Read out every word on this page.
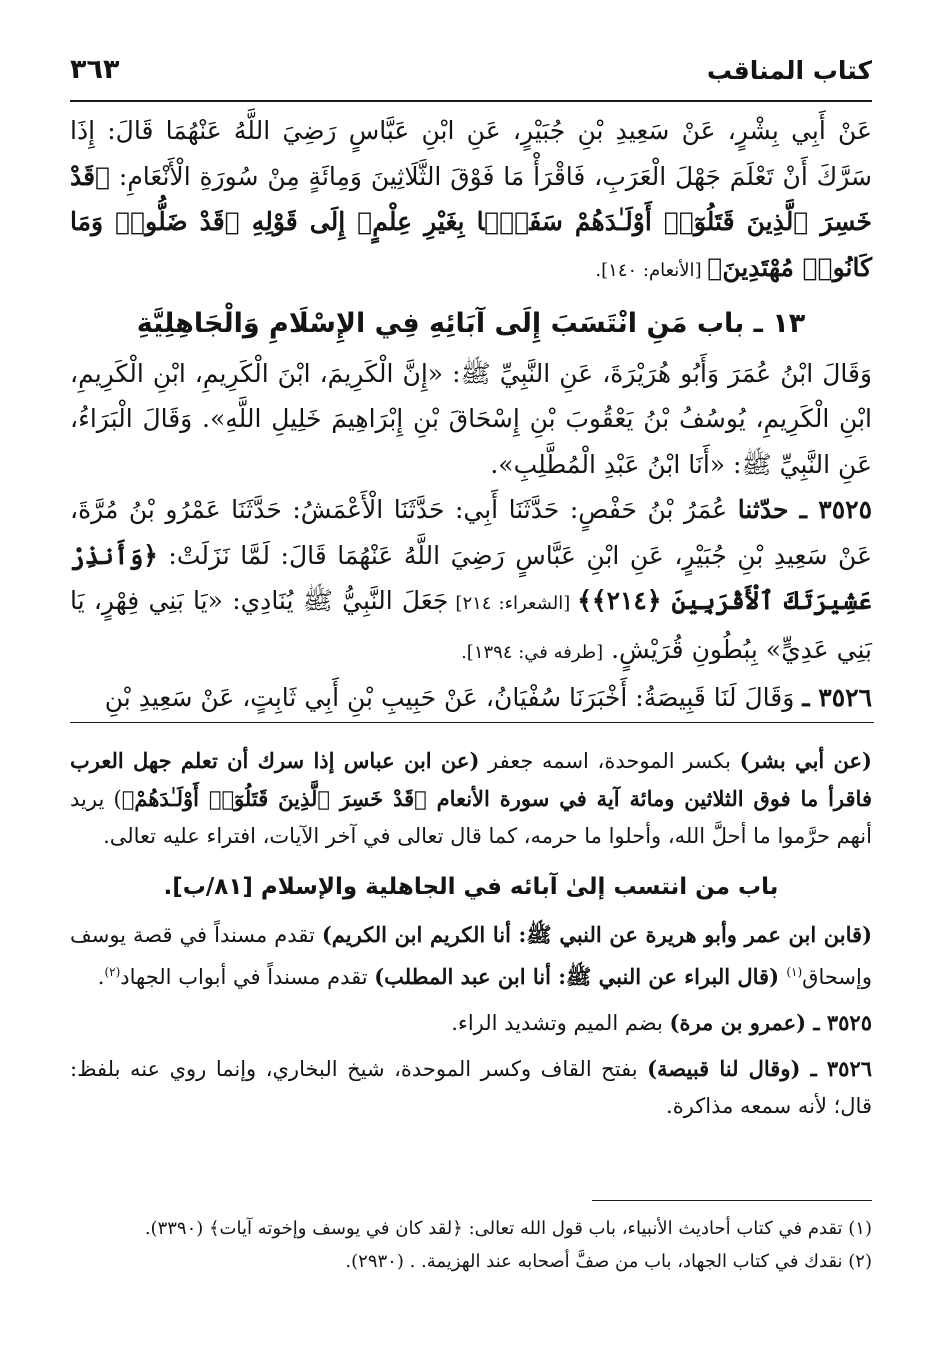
كتاب المناقب
٣٦٣

عَنْ أَبِي بِشْرٍ، عَنْ سَعِيدِ بْنِ جُبَيْرٍ، عَنِ ابْنِ عَبَّاسٍ رَضِيَ اللَّهُ عَنْهُمَا قَالَ: إِذَا سَرَّكَ أَنْ تَعْلَمَ جَهْلَ الْعَرَبِ، فَاقْرَأْ مَا فَوْقَ الثَّلَاثِينَ وَمِائَةٍ مِنْ سُورَةِ الْأَنْعَامِ: ﴿قَدْ خَسِرَ ٱلَّذِينَ قَتَلُوٓا۟ أَوْلَـٰدَهُمْ سَفَهًۢا بِغَيْرِ عِلْمٍ﴾ إِلَى قَوْلِهِ ﴿قَدْ ضَلُّوا۟ وَمَا كَانُوا۟ مُهْتَدِينَ﴾ [الأنعام: ١٤٠].

١٣ ـ باب مَنِ انْتَسَبَ إِلَى آبَائِهِ فِي الإِسْلَامِ وَالْجَاهِلِيَّةِ

وَقَالَ ابْنُ عُمَرَ وَأَبُو هُرَيْرَةَ، عَنِ النَّبِيِّ ﷺ: «إِنَّ الْكَرِيمَ، ابْنَ الْكَرِيمِ، ابْنِ الْكَرِيمِ، ابْنِ الْكَرِيمِ، يُوسُفُ بْنُ يَعْقُوبَ بْنِ إِسْحَاقَ بْنِ إِبْرَاهِيمَ خَلِيلِ اللَّهِ». وَقَالَ الْبَرَاءُ، عَنِ النَّبِيِّ ﷺ: «أَنَا ابْنُ عَبْدِ الْمُطَّلِبِ».

٣٥٢٥ ـ حدّثنا عُمَرُ بْنُ حَفْصٍ: حَدَّثَنَا أَبِي: حَدَّثَنَا الْأَعْمَشُ: حَدَّثَنَا عَمْرُو بْنُ مُرَّةَ، عَنْ سَعِيدِ بْنِ جُبَيْرٍ، عَنِ ابْنِ عَبَّاسٍ رَضِيَ اللَّهُ عَنْهُمَا قَالَ: لَمَّا نَزَلَتْ: ﴿وَأَنذِرْ عَشِيرَتَكَ ٱلْأَقْرَبِينَ ﴿٢١٤﴾﴾ [الشعراء: ٢١٤] جَعَلَ النَّبِيُّ ﷺ يُنَادِي: «يَا بَنِي فِهْرٍ، يَا بَنِي عَدِيٍّ» بِبُطُونِ قُرَيْشٍ. [طرفه في: ١٣٩٤].

٣٥٢٦ ـ وَقَالَ لَنَا قَبِيصَةُ: أَخْبَرَنَا سُفْيَانُ، عَنْ حَبِيبِ بْنِ أَبِي ثَابِتٍ، عَنْ سَعِيدِ بْنِ

(عن أبي بشر) بكسر الموحدة، اسمه جعفر (عن ابن عباس إذا سرك أن تعلم جهل العرب فاقرأ ما فوق الثلاثين ومائة آية في سورة الأنعام ﴿قَدْ خَسِرَ ٱلَّذِينَ قَتَلُوٓا۟ أَوْلَـٰدَهُمْ﴾) يريد أنهم حرَّموا ما أحلَّ الله، وأحلوا ما حرمه، كما قال تعالى في آخر الآيات، افتراء عليه تعالى.

باب من انتسب إلىٰ آبائه في الجاهلية والإسلام [٨١/ب].

(قابن ابن عمر وأبو هريرة عن النبي ﷺ: أنا الكريم ابن الكريم) تقدم مسنداً في قصة يوسف وإسحاق$^{(١)}$ (قال البراء عن النبي ﷺ: أنا ابن عبد المطلب) تقدم مسنداً في أبواب الجهاد$^{(٢)}$.

٣٥٢٥ ـ (عمرو بن مرة) بضم الميم وتشديد الراء.

٣٥٢٦ ـ (وقال لنا قبيصة) بفتح القاف وكسر الموحدة، شيخ البخاري، وإنما روي عنه بلفظ: قال؛ لأنه سمعه مذاكرة.

(١) تقدم في كتاب أحاديث الأنبياء، باب قول الله تعالى: ﴿لقد كان في يوسف وإخوته آيات﴾ (٣٣٩٠).

(٢) نقدك في كتاب الجهاد، باب من صفَّ أصحابه عند الهزيمة. . (٢٩٣٠).
